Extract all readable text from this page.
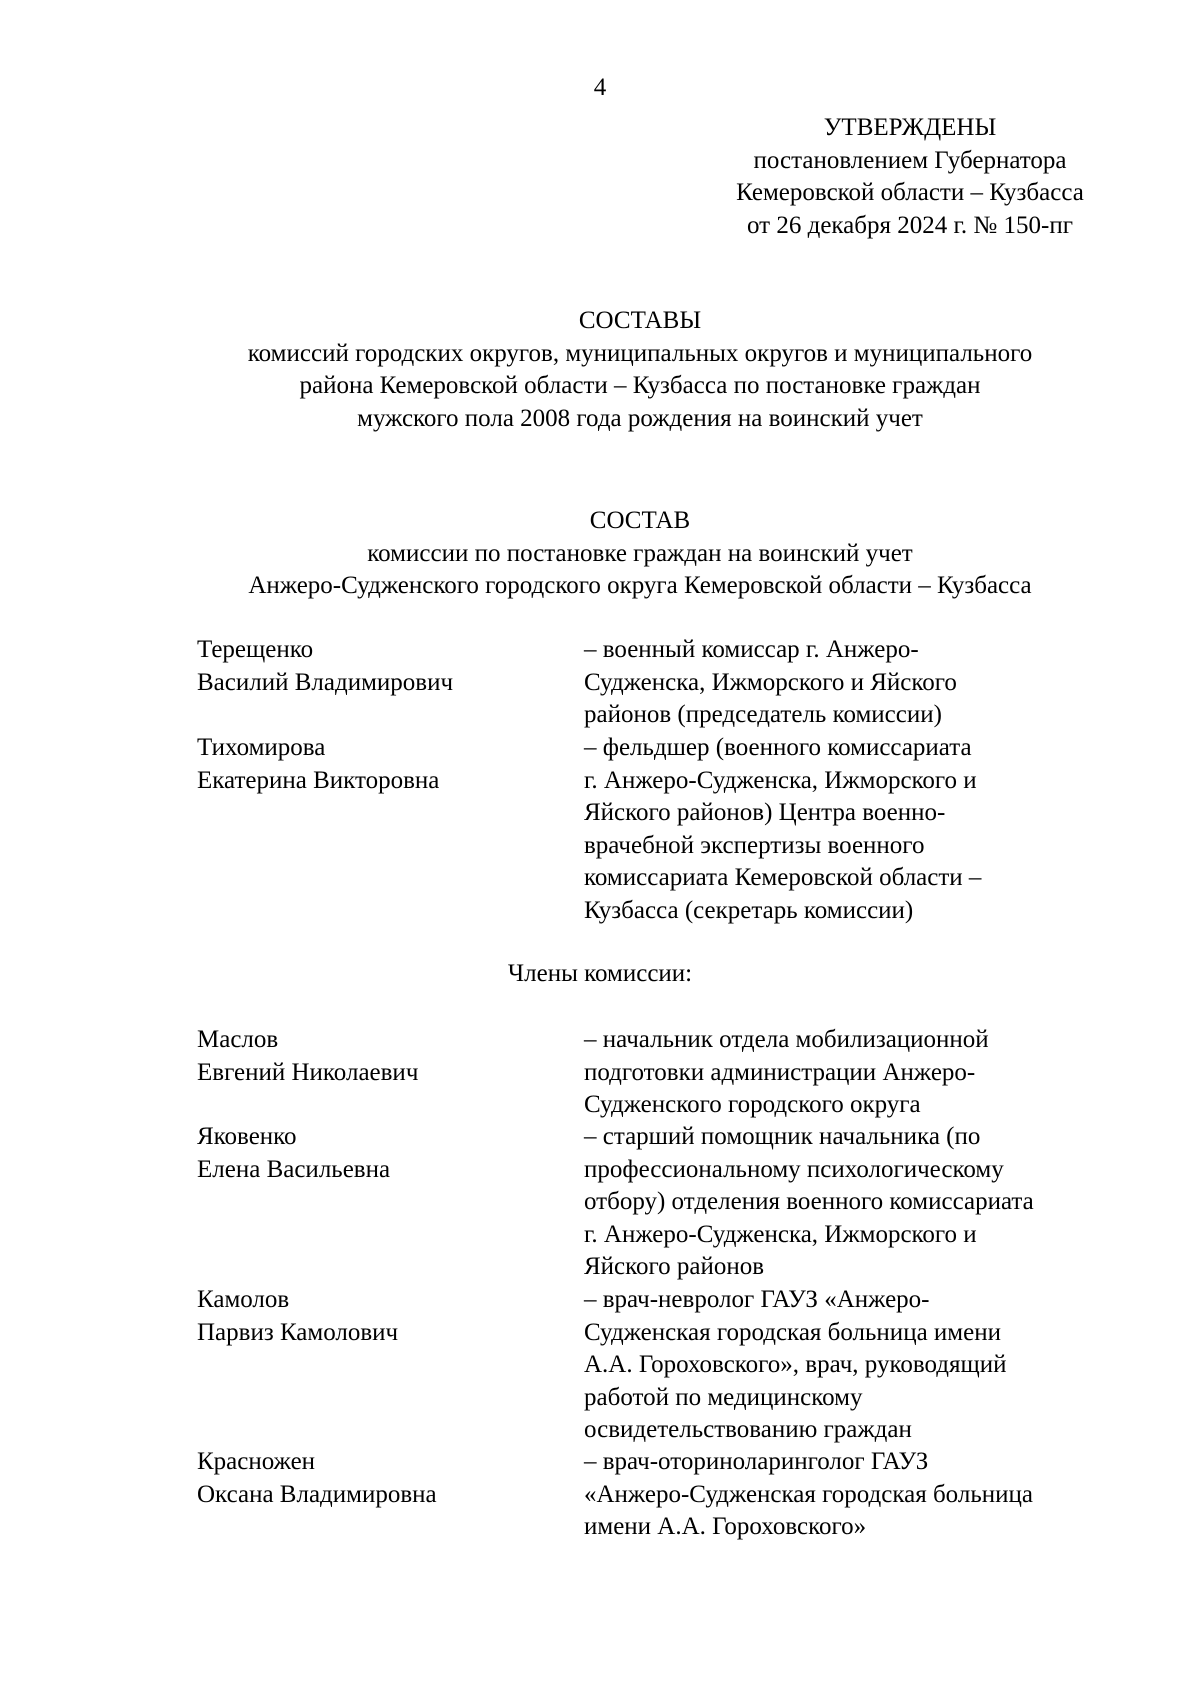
4
УТВЕРЖДЕНЫ
постановлением Губернатора
Кемеровской области – Кузбасса
от 26 декабря 2024 г. № 150-пг
СОСТАВЫ
комиссий городских округов, муниципальных округов и муниципального
района Кемеровской области – Кузбасса по постановке граждан
мужского пола 2008 года рождения на воинский учет
СОСТАВ
комиссии по постановке граждан на воинский учет
Анжеро-Судженского городского округа Кемеровской области – Кузбасса
Терещенко
Василий Владимирович
– военный комиссар г. Анжеро-
Судженска, Ижморского и Яйского
районов (председатель комиссии)
Тихомирова
Екатерина Викторовна
– фельдшер (военного комиссариата
г. Анжеро-Судженска, Ижморского и
Яйского районов) Центра военно-
врачебной экспертизы военного
комиссариата Кемеровской области –
Кузбасса (секретарь комиссии)
Члены комиссии:
Маслов
Евгений Николаевич
– начальник отдела мобилизационной
подготовки администрации Анжеро-
Судженского городского округа
Яковенко
Елена Васильевна
– старший помощник начальника (по
профессиональному психологическому
отбору) отделения военного комиссариата
г. Анжеро-Судженска, Ижморского и
Яйского районов
Камолов
Парвиз Камолович
– врач-невролог ГАУЗ «Анжеро-
Судженская городская больница имени
А.А. Гороховского», врач, руководящий
работой по медицинскому
освидетельствованию граждан
Красножен
Оксана Владимировна
– врач-оториноларинголог ГАУЗ
«Анжеро-Судженская городская больница
имени А.А. Гороховского»
